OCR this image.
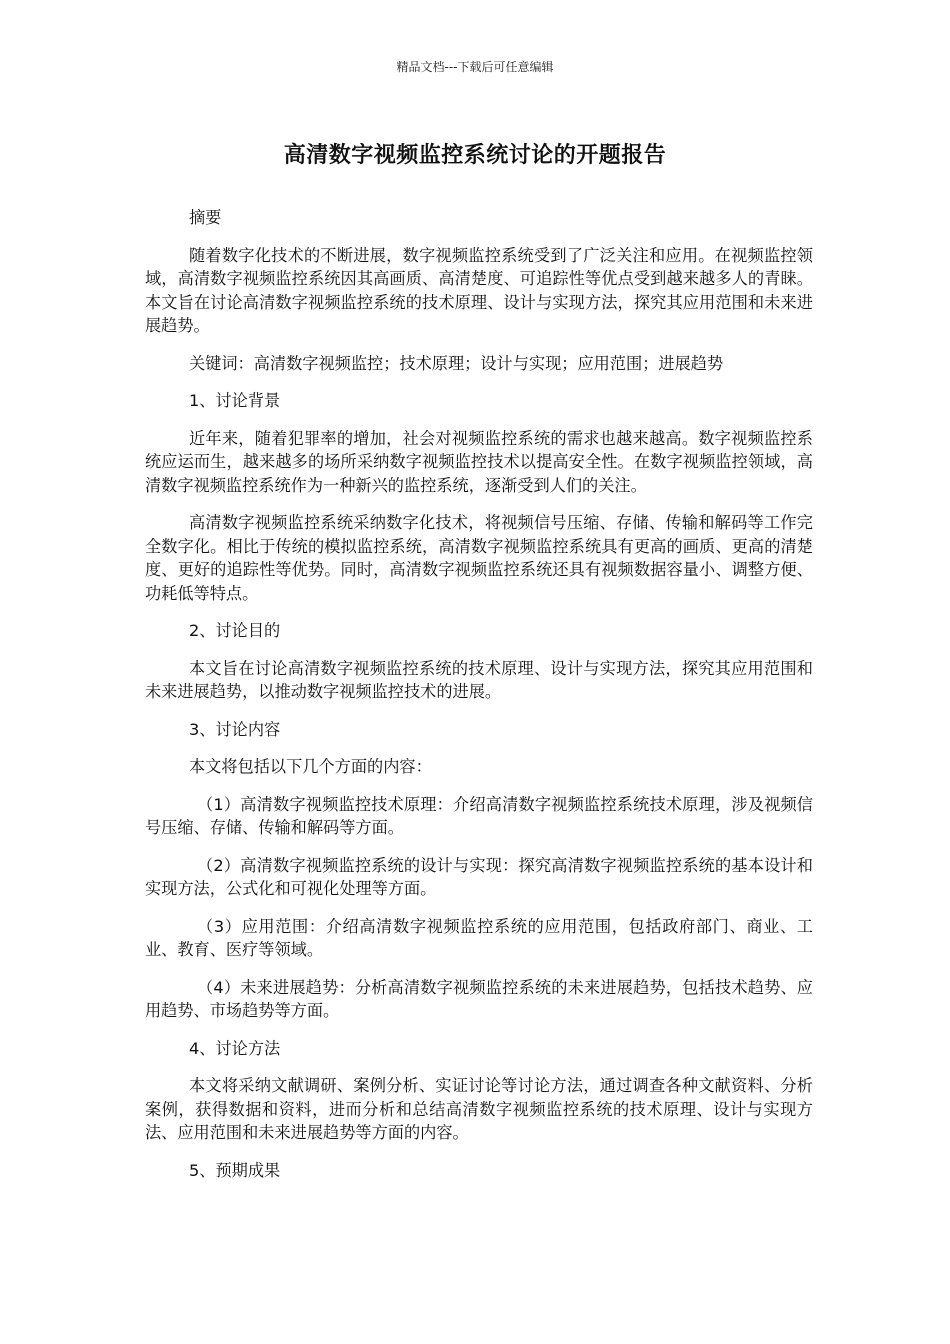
精品文档---下载后可任意编辑
高清数字视频监控系统讨论的开题报告

摘要

随着数字化技术的不断进展，数字视频监控系统受到了广泛关注和应用。在视频监控领域，高清数字视频监控系统因其高画质、高清楚度、可追踪性等优点受到越来越多人的青睐。本文旨在讨论高清数字视频监控系统的技术原理、设计与实现方法，探究其应用范围和未来进展趋势。

关键词：高清数字视频监控；技术原理；设计与实现；应用范围；进展趋势

1、讨论背景

近年来，随着犯罪率的增加，社会对视频监控系统的需求也越来越高。数字视频监控系统应运而生，越来越多的场所采纳数字视频监控技术以提高安全性。在数字视频监控领域，高清数字视频监控系统作为一种新兴的监控系统，逐渐受到人们的关注。

高清数字视频监控系统采纳数字化技术，将视频信号压缩、存储、传输和解码等工作完全数字化。相比于传统的模拟监控系统，高清数字视频监控系统具有更高的画质、更高的清楚度、更好的追踪性等优势。同时，高清数字视频监控系统还具有视频数据容量小、调整方便、功耗低等特点。

2、讨论目的

本文旨在讨论高清数字视频监控系统的技术原理、设计与实现方法，探究其应用范围和未来进展趋势，以推动数字视频监控技术的进展。

3、讨论内容

本文将包括以下几个方面的内容：

（1）高清数字视频监控技术原理：介绍高清数字视频监控系统技术原理，涉及视频信号压缩、存储、传输和解码等方面。

（2）高清数字视频监控系统的设计与实现：探究高清数字视频监控系统的基本设计和实现方法，公式化和可视化处理等方面。

（3）应用范围：介绍高清数字视频监控系统的应用范围，包括政府部门、商业、工业、教育、医疗等领域。

（4）未来进展趋势：分析高清数字视频监控系统的未来进展趋势，包括技术趋势、应用趋势、市场趋势等方面。

4、讨论方法

本文将采纳文献调研、案例分析、实证讨论等讨论方法，通过调查各种文献资料、分析案例，获得数据和资料，进而分析和总结高清数字视频监控系统的技术原理、设计与实现方法、应用范围和未来进展趋势等方面的内容。

5、预期成果
